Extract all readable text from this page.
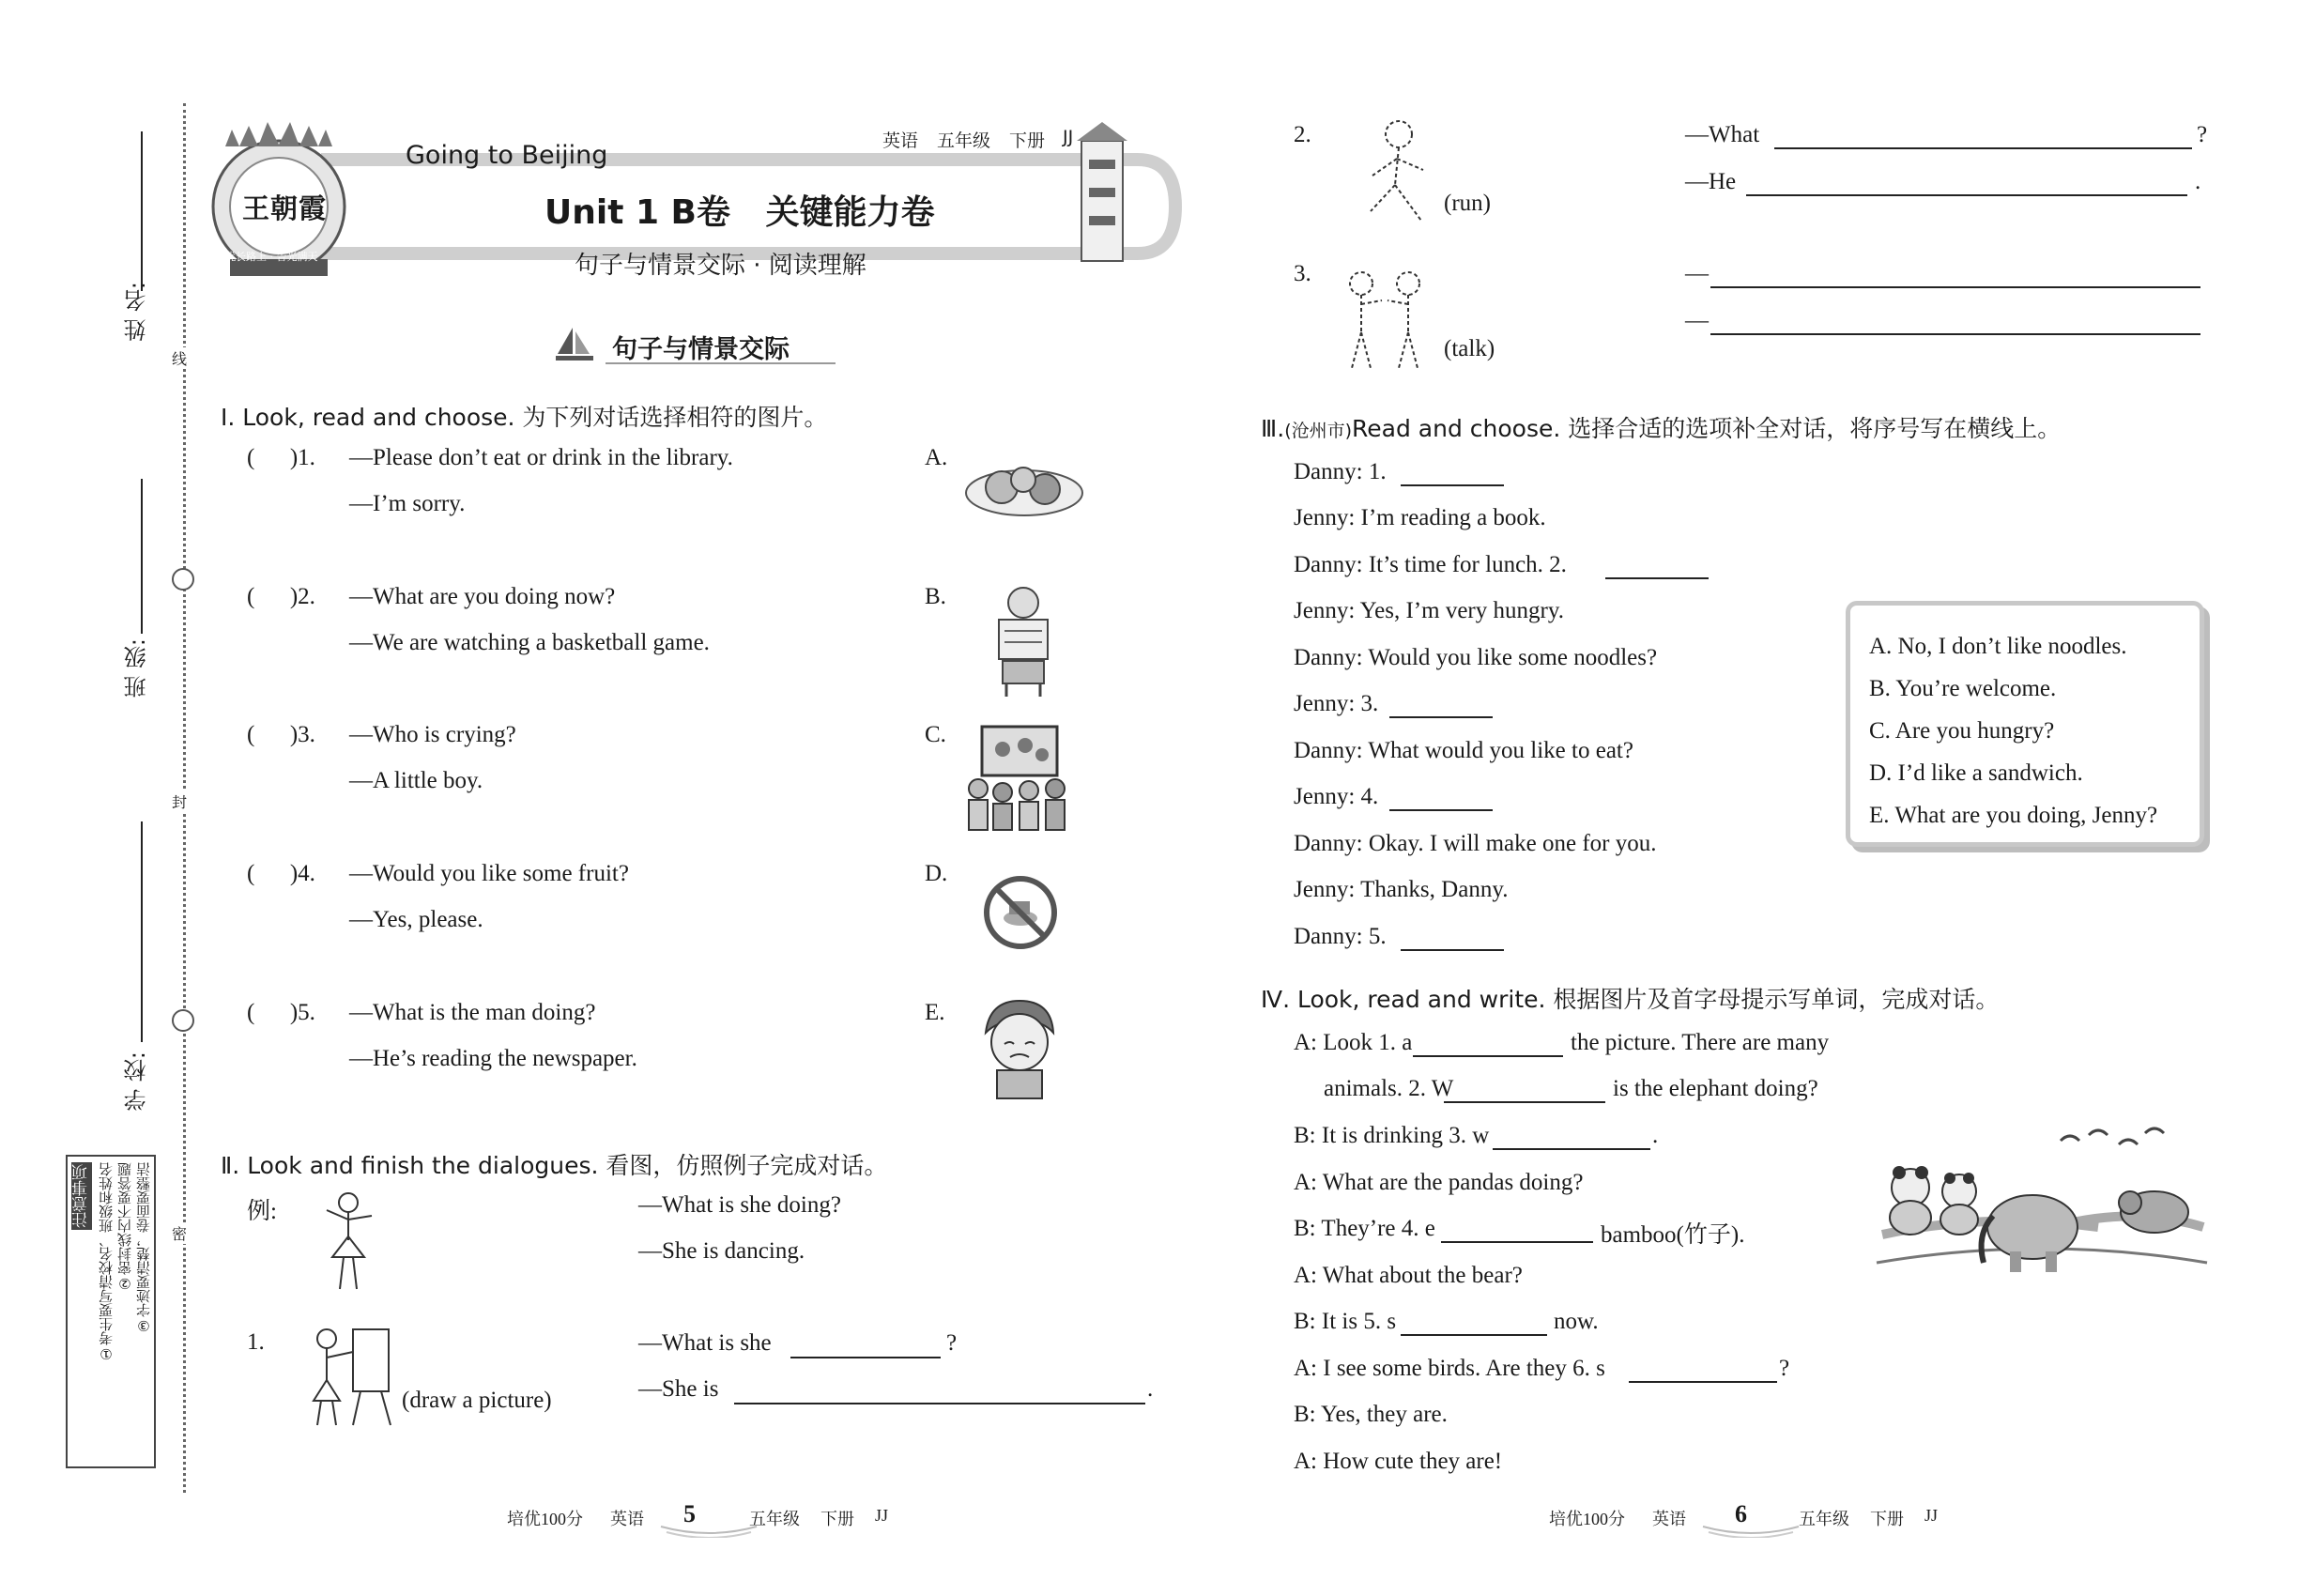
线
封
密
姓 名:
班 级:
学 校:
注意事项 ①考生要写清校名、班级和姓名 ②密封线内不要答题 ③字迹要清楚，卷面要整洁
王朝霞
优长路上 · 告光满天
Going to Beijing	英语 五年级 下册 JJ
Unit 1 B卷   关键能力卷
句子与情景交际 · 阅读理解
句子与情景交际
Ⅰ. Look, read and choose. 为下列对话选择相符的图片。
(      )1. —Please don’t eat or drink in the library.
—I’m sorry.
(      )2. —What are you doing now?
—We are watching a basketball game.
(      )3. —Who is crying?
—A little boy.
(      )4. —Would you like some fruit?
—Yes, please.
(      )5. —What is the man doing?
—He’s reading the newspaper.
A.
B.
C.
D.
E.
Ⅱ. Look and finish the dialogues. 看图，仿照例子完成对话。
例:	—What is she doing?
—She is dancing.
1.
(draw a picture)
—What is she	?
—She is	.
2.
(run)
—What	?
—He	.
3.
(talk)
—
—
Ⅲ.(沧州市)Read and choose. 选择合适的选项补全对话，将序号写在横线上。
Danny: 1.
Jenny: I’m reading a book.
Danny: It’s time for lunch. 2.
Jenny: Yes, I’m very hungry.
Danny: Would you like some noodles?
Jenny: 3.
Danny: What would you like to eat?
Jenny: 4.
Danny: Okay. I will make one for you.
Jenny: Thanks, Danny.
Danny: 5.
A. No, I don’t like noodles.
B. You’re welcome.
C. Are you hungry?
D. I’d like a sandwich.
E. What are you doing, Jenny?
Ⅳ. Look, read and write. 根据图片及首字母提示写单词，完成对话。
A: Look 1. a	the picture. There are many
animals. 2. W	is the elephant doing?
B: It is drinking 3. w	.
A: What are the pandas doing?
B: They’re 4. e	bamboo(竹子).
A: What about the bear?
B: It is 5. s	now.
A: I see some birds. Are they 6. s	?
B: Yes, they are.
A: How cute they are!
培优100分 英语 5	五年级 下册 JJ	培优100分 英语 6	五年级 下册 JJ
